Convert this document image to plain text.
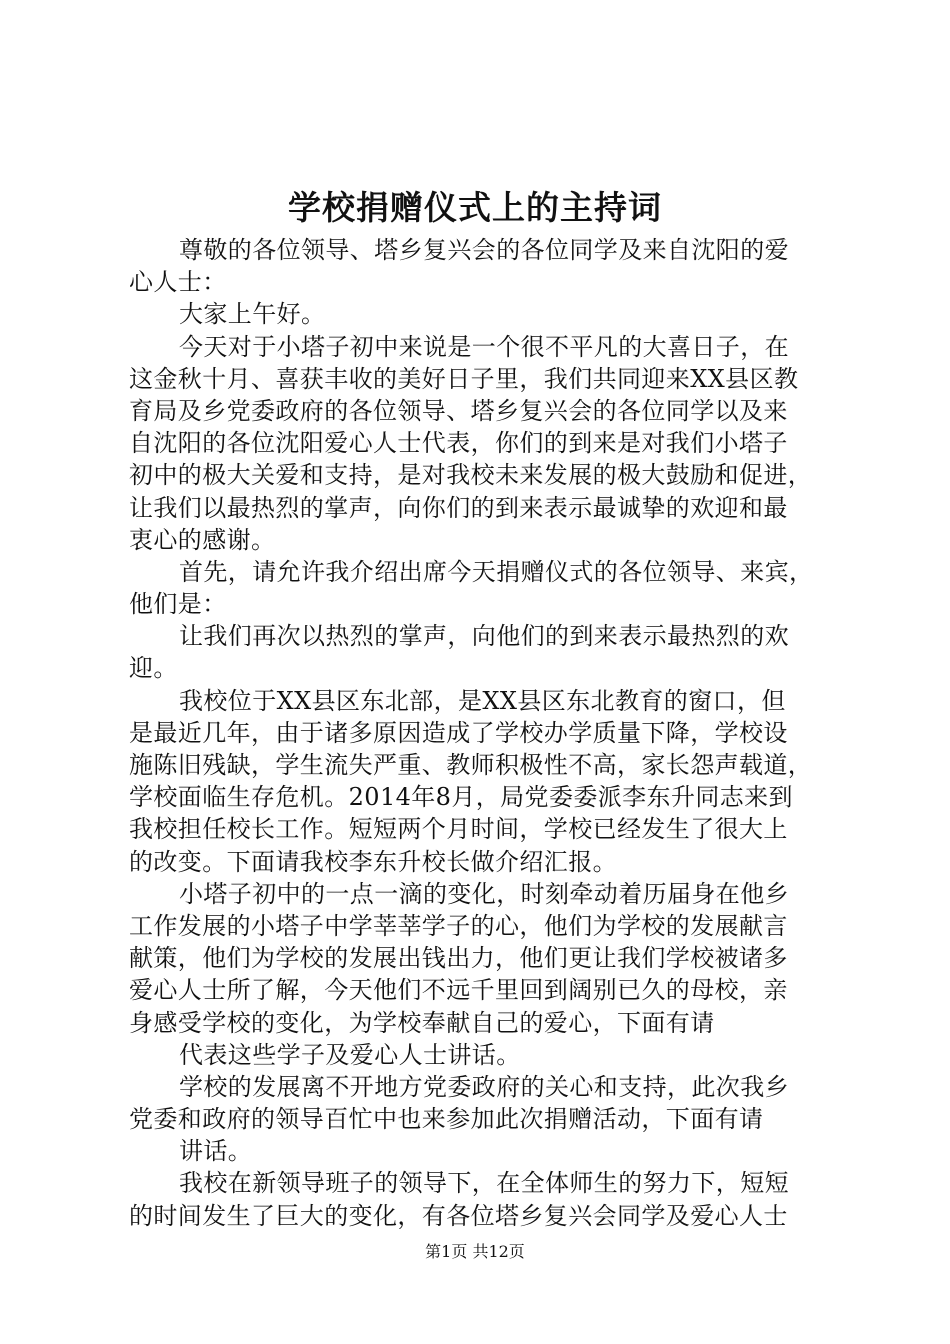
学校捐赠仪式上的主持词
尊敬的各位领导、塔乡复兴会的各位同学及来自沈阳的爱
心人士：
大家上午好。
今天对于小塔子初中来说是一个很不平凡的大喜日子，在
这金秋十月、喜获丰收的美好日子里，我们共同迎来XX县区教
育局及乡党委政府的各位领导、塔乡复兴会的各位同学以及来
自沈阳的各位沈阳爱心人士代表，你们的到来是对我们小塔子
初中的极大关爱和支持，是对我校未来发展的极大鼓励和促进，
让我们以最热烈的掌声，向你们的到来表示最诚挚的欢迎和最
衷心的感谢。
首先，请允许我介绍出席今天捐赠仪式的各位领导、来宾，
他们是：
让我们再次以热烈的掌声，向他们的到来表示最热烈的欢
迎。
我校位于XX县区东北部，是XX县区东北教育的窗口，但
是最近几年，由于诸多原因造成了学校办学质量下降，学校设
施陈旧残缺，学生流失严重、教师积极性不高，家长怨声载道，
学校面临生存危机。2014年8月，局党委委派李东升同志来到
我校担任校长工作。短短两个月时间，学校已经发生了很大上
的改变。下面请我校李东升校长做介绍汇报。
小塔子初中的一点一滴的变化，时刻牵动着历届身在他乡
工作发展的小塔子中学莘莘学子的心，他们为学校的发展献言
献策，他们为学校的发展出钱出力，他们更让我们学校被诸多
爱心人士所了解，今天他们不远千里回到阔别已久的母校，亲
身感受学校的变化，为学校奉献自己的爱心，下面有请
代表这些学子及爱心人士讲话。
学校的发展离不开地方党委政府的关心和支持，此次我乡
党委和政府的领导百忙中也来参加此次捐赠活动，下面有请
讲话。
我校在新领导班子的领导下，在全体师生的努力下，短短
的时间发生了巨大的变化，有各位塔乡复兴会同学及爱心人士
第1页 共12页
